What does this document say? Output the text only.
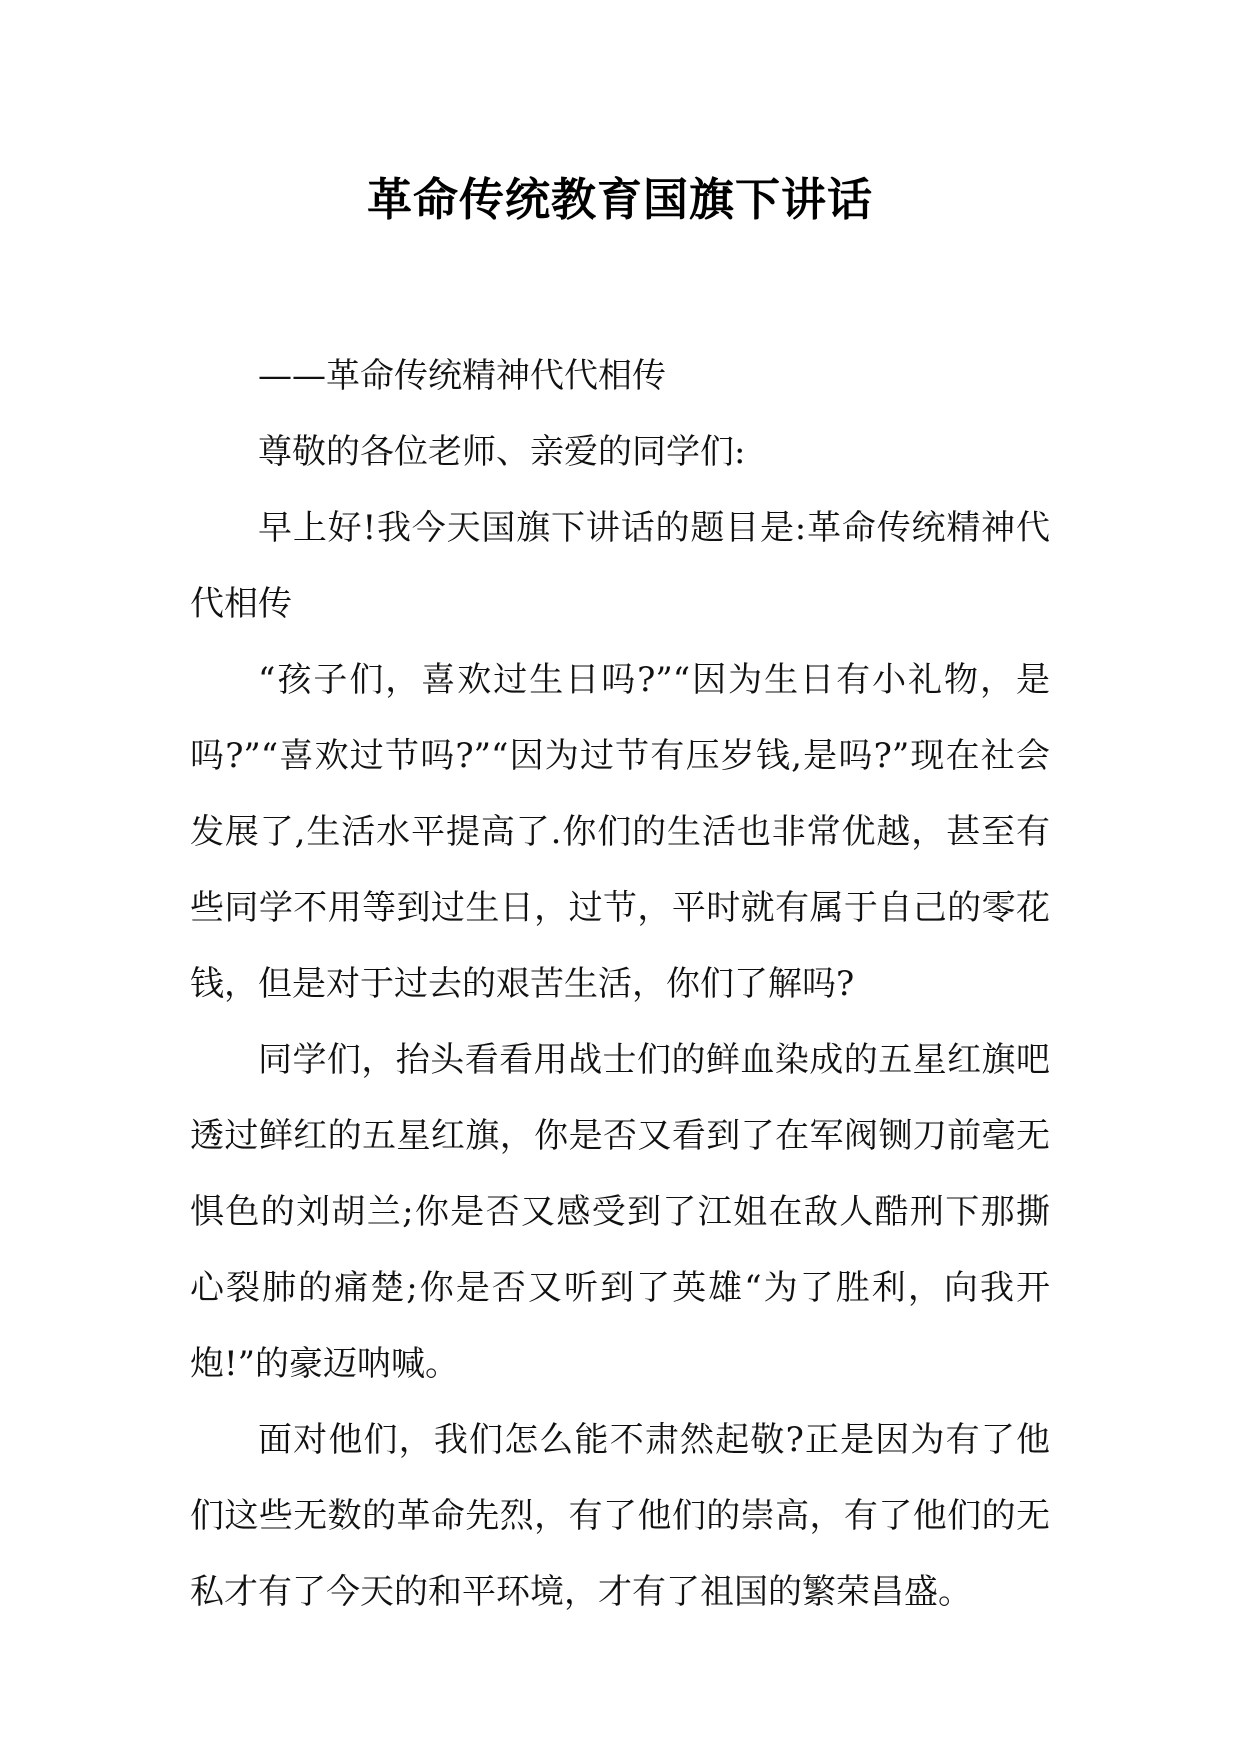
革命传统教育国旗下讲话

——革命传统精神代代相传

尊敬的各位老师、亲爱的同学们:

早上好!我今天国旗下讲话的题目是:革命传统精神代代相传

“孩子们，喜欢过生日吗?”“因为生日有小礼物，是吗?”“喜欢过节吗?”“因为过节有压岁钱,是吗?”现在社会发展了,生活水平提高了.你们的生活也非常优越，甚至有些同学不用等到过生日，过节，平时就有属于自己的零花钱，但是对于过去的艰苦生活，你们了解吗?

同学们，抬头看看用战士们的鲜血染成的五星红旗吧透过鲜红的五星红旗，你是否又看到了在军阀铡刀前毫无惧色的刘胡兰;你是否又感受到了江姐在敌人酷刑下那撕心裂肺的痛楚;你是否又听到了英雄“为了胜利，向我开炮!”的豪迈呐喊。

面对他们，我们怎么能不肃然起敬?正是因为有了他们这些无数的革命先烈，有了他们的崇高，有了他们的无私才有了今天的和平环境，才有了祖国的繁荣昌盛。
